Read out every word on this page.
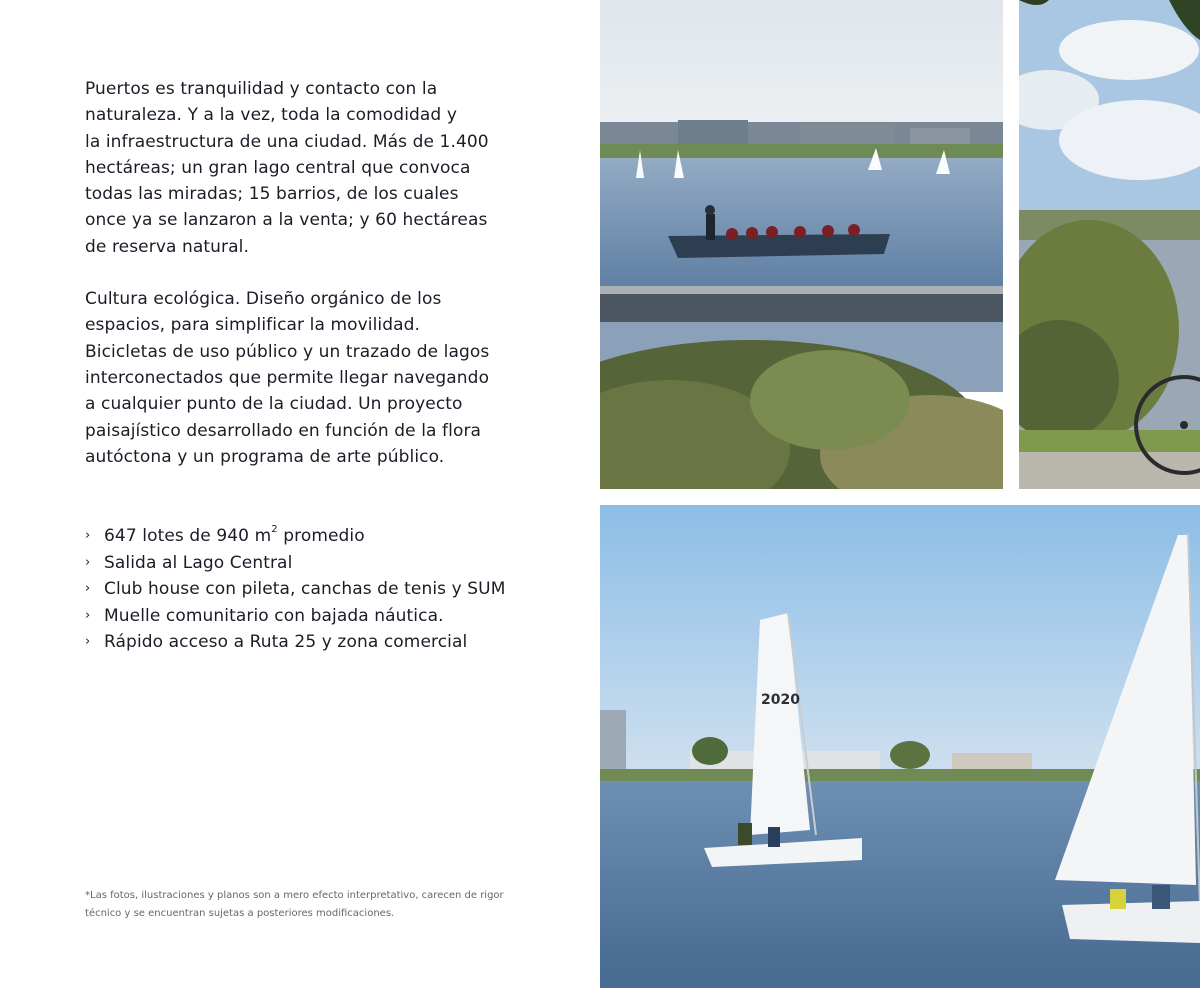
Puertos es tranquilidad y contacto con la
naturaleza. Y a la vez, toda la comodidad y
la infraestructura de una ciudad. Más de 1.400
hectáreas; un gran lago central que convoca
todas las miradas; 15 barrios, de los cuales
once ya se lanzaron a la venta; y 60 hectáreas
de reserva natural.

Cultura ecológica. Diseño orgánico de los
espacios, para simplificar la movilidad.
Bicicletas de uso público y un trazado de lagos
interconectados que permite llegar navegando
a cualquier punto de la ciudad. Un proyecto
paisajístico desarrollado en función de la flora
autóctona y un programa de arte público.

› 647 lotes de 940 $m^2$ promedio
› Salida al Lago Central
› Club house con pileta, canchas de tenis y SUM
› Muelle comunitario con bajada náutica.
› Rápido acceso a Ruta 25 y zona comercial

*Las fotos, ilustraciones y planos son a mero efecto interpretativo, carecen de rigor técnico y se encuentran sujetas a posteriores modificaciones.

2020
